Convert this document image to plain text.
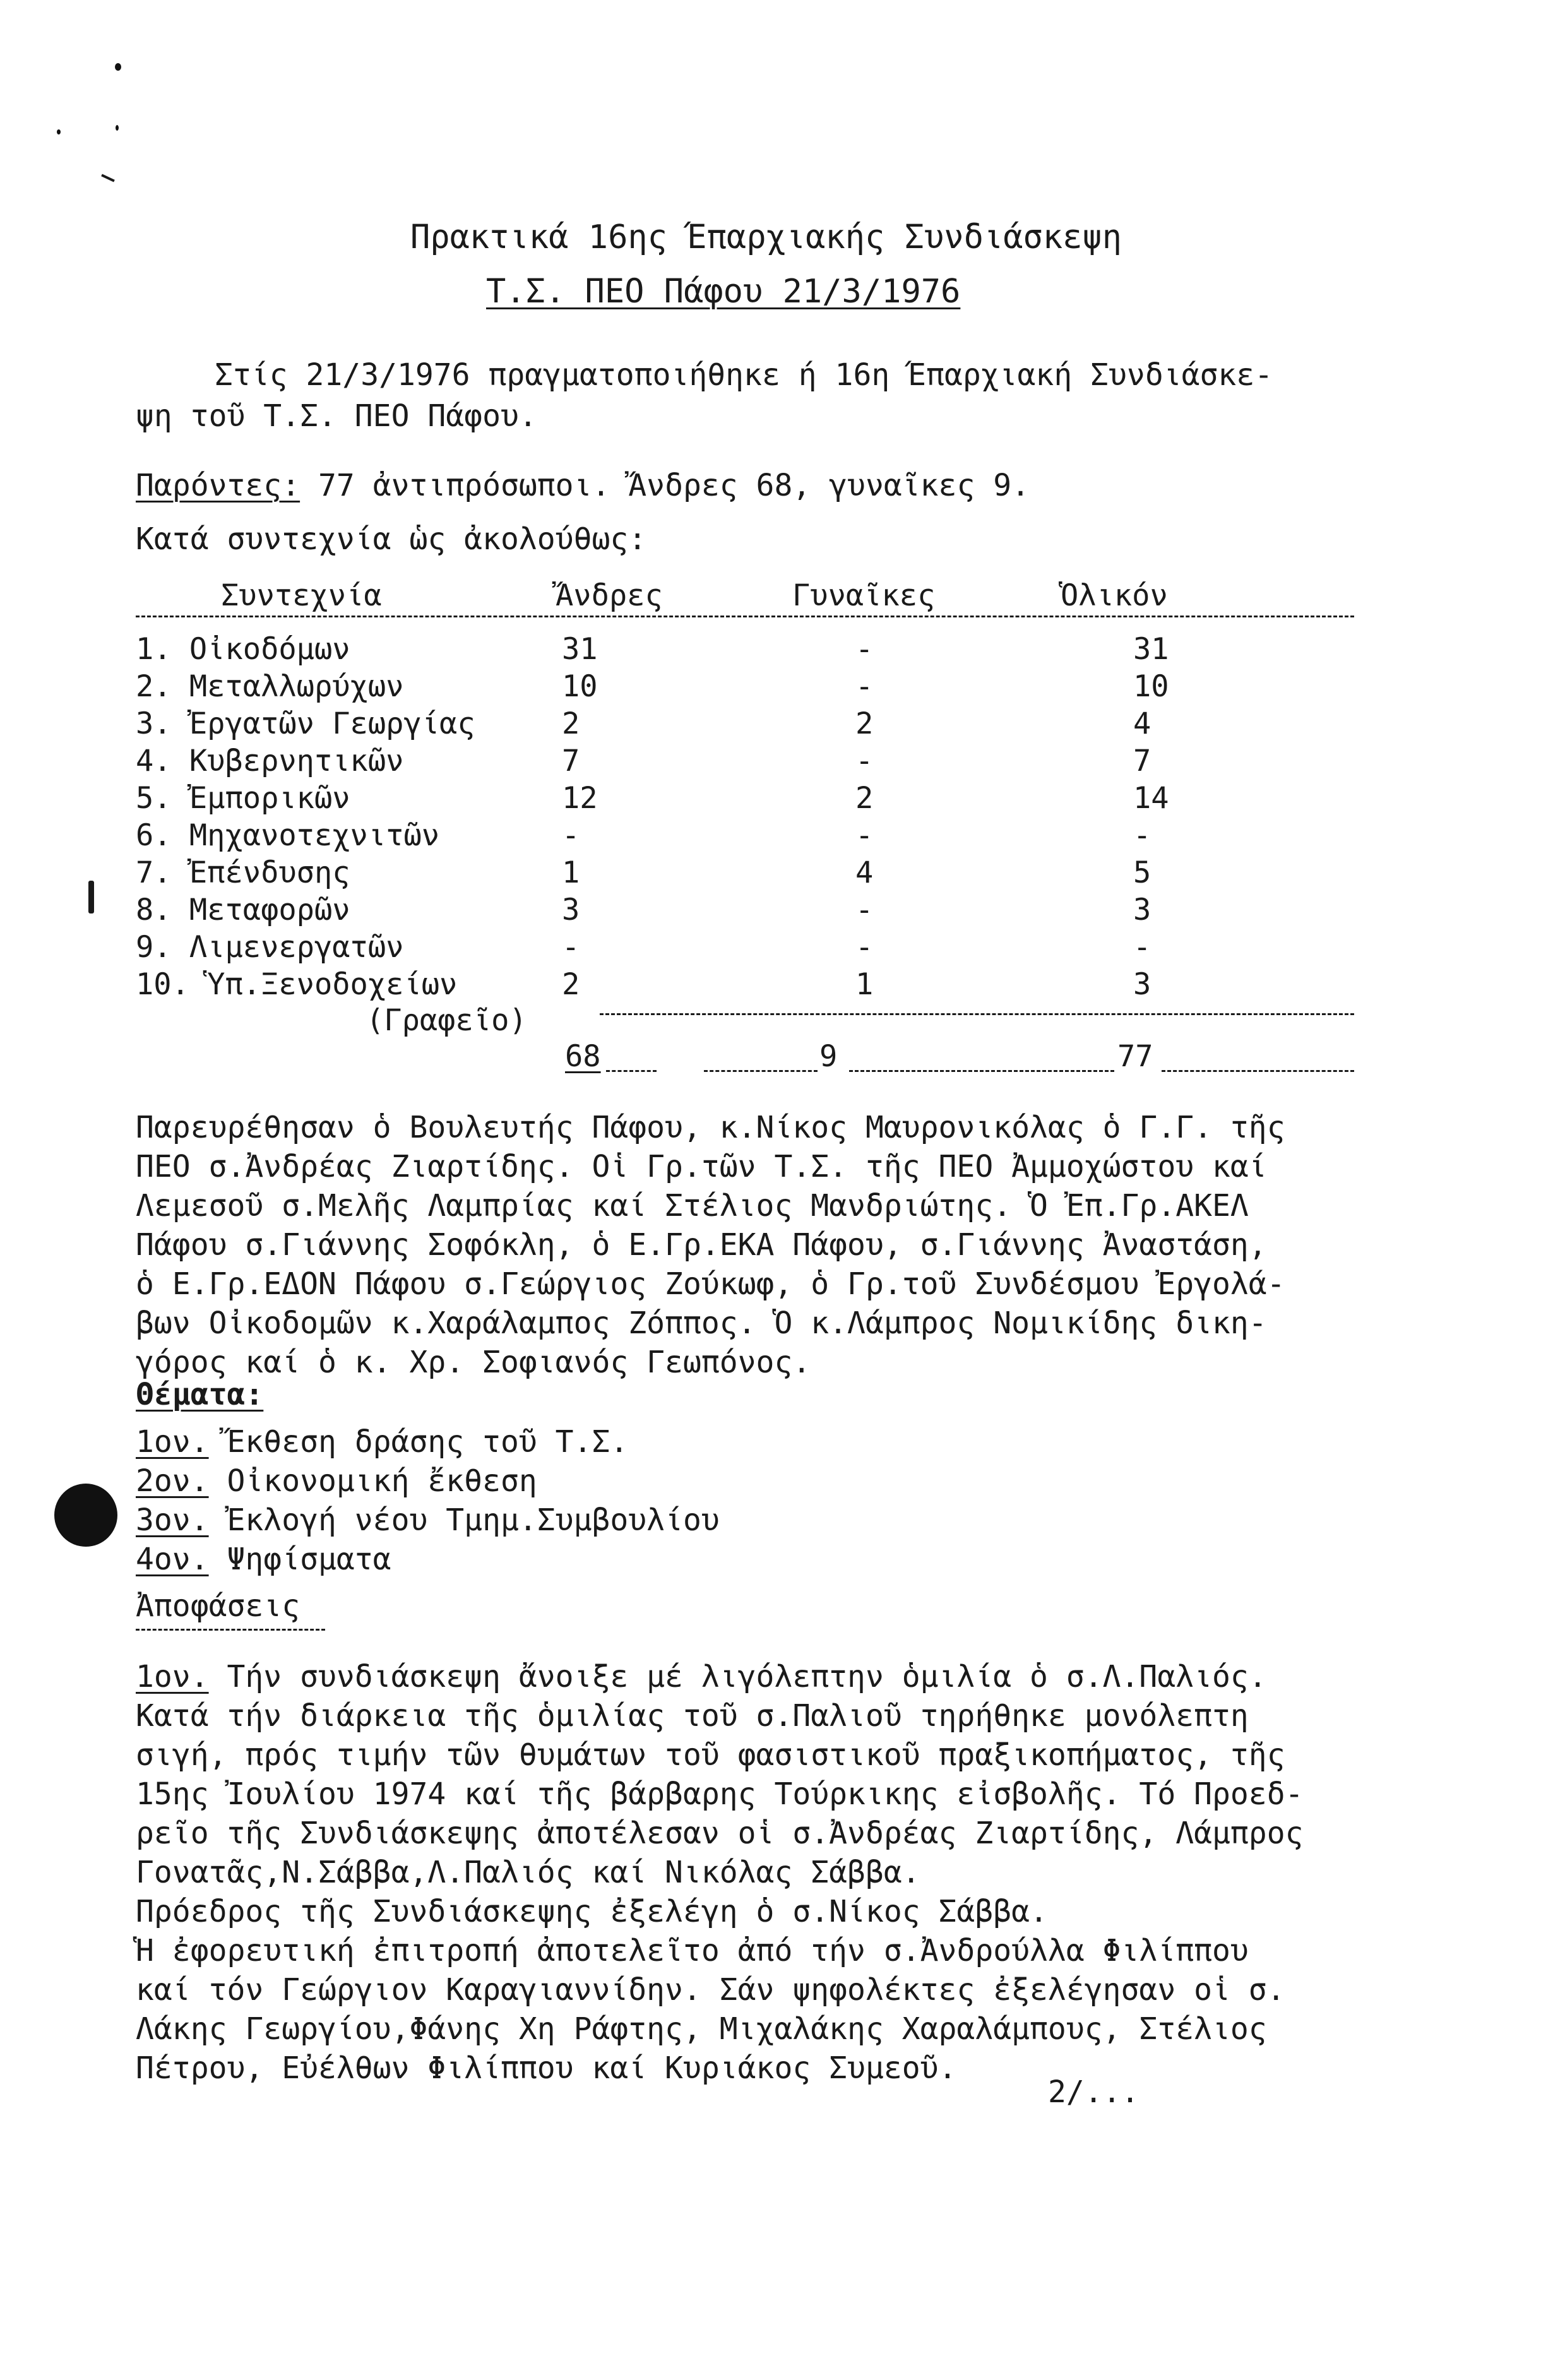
Πρακτικά 16ης Έπαρχιακής Συνδιάσκεψη
Τ.Σ. ΠΕΟ Πάφου 21/3/1976
Στίς 21/3/1976 πραγματοποιήθηκε ή 16η Έπαρχιακή Συνδιάσκε-
ψη τοῦ Τ.Σ. ΠΕΟ Πάφου.
Παρόντες: 77 ἀντιπρόσωποι. Ἄνδρες 68, γυναῖκες 9.
Κατά συντεχνία ὡς ἀκολούθως:
Συντεχνία	Ἄνδρες	Γυναῖκες	Ὁλικόν
1. Οἰκοδόμων	31	-	31
2. Μεταλλωρύχων	10	-	10
3. Ἐργατῶν Γεωργίας	2	2	4
4. Κυβερνητικῶν	7	-	7
5. Ἐμπορικῶν	12	2	14
6. Μηχανοτεχνιτῶν	-	-	-
7. Ἐπένδυσης	1	4	5
8. Μεταφορῶν	3	-	3
9. Λιμενεργατῶν	-	-	-
10. Ὑπ.Ξενοδοχείων	2	1	3
(Γραφεῖο)
68	9	77
Παρευρέθησαν ὁ Βουλευτής Πάφου, κ.Νίκος Μαυρονικόλας ὁ Γ.Γ. τῆς
ΠΕΟ σ.Ἀνδρέας Ζιαρτίδης. Οἱ Γρ.τῶν Τ.Σ. τῆς ΠΕΟ Ἀμμοχώστου καί
Λεμεσοῦ σ.Μελῆς Λαμπρίας καί Στέλιος Μανδριώτης. Ὁ Ἐπ.Γρ.ΑΚΕΛ
Πάφου σ.Γιάννης Σοφόκλη, ὁ Ε.Γρ.ΕΚΑ Πάφου, σ.Γιάννης Ἀναστάση,
ὁ Ε.Γρ.ΕΔΟΝ Πάφου σ.Γεώργιος Ζούκωφ, ὁ Γρ.τοῦ Συνδέσμου Ἐργολά-
βων Οἰκοδομῶν κ.Χαράλαμπος Ζόππος. Ὁ κ.Λάμπρος Νομικίδης δικη-
γόρος καί ὁ κ. Χρ. Σοφιανός Γεωπόνος.
Θέματα:
1ον. Ἔκθεση δράσης τοῦ Τ.Σ.
2ον. Οἰκονομική ἔκθεση
3ον. Ἐκλογή νέου Τμημ.Συμβουλίου
4ον. Ψηφίσματα
Ἀποφάσεις
1ον. Τήν συνδιάσκεψη ἄνοιξε μέ λιγόλεπτην ὁμιλία ὁ σ.Λ.Παλιός.
Κατά τήν διάρκεια τῆς ὁμιλίας τοῦ σ.Παλιοῦ τηρήθηκε μονόλεπτη
σιγή, πρός τιμήν τῶν θυμάτων τοῦ φασιστικοῦ πραξικοπήματος, τῆς
15ης Ἰουλίου 1974 καί τῆς βάρβαρης Τούρκικης εἰσβολῆς. Τό Προεδ-
ρεῖο τῆς Συνδιάσκεψης ἀποτέλεσαν οἱ σ.Ἀνδρέας Ζιαρτίδης, Λάμπρος
Γονατᾶς,Ν.Σάββα,Λ.Παλιός καί Νικόλας Σάββα.
Πρόεδρος τῆς Συνδιάσκεψης ἐξελέγη ὁ σ.Νίκος Σάββα.
Ἡ ἐφορευτική ἐπιτροπή ἀποτελεῖτο ἀπό τήν σ.Ἀνδρούλλα Φιλίππου
καί τόν Γεώργιον Καραγιαννίδην. Σάν ψηφολέκτες ἐξελέγησαν οἱ σ.
Λάκης Γεωργίου,Φάνης Χη Ράφτης, Μιχαλάκης Χαραλάμπους, Στέλιος
Πέτρου, Εὐέλθων Φιλίππου καί Κυριάκος Συμεοῦ.
2/...
